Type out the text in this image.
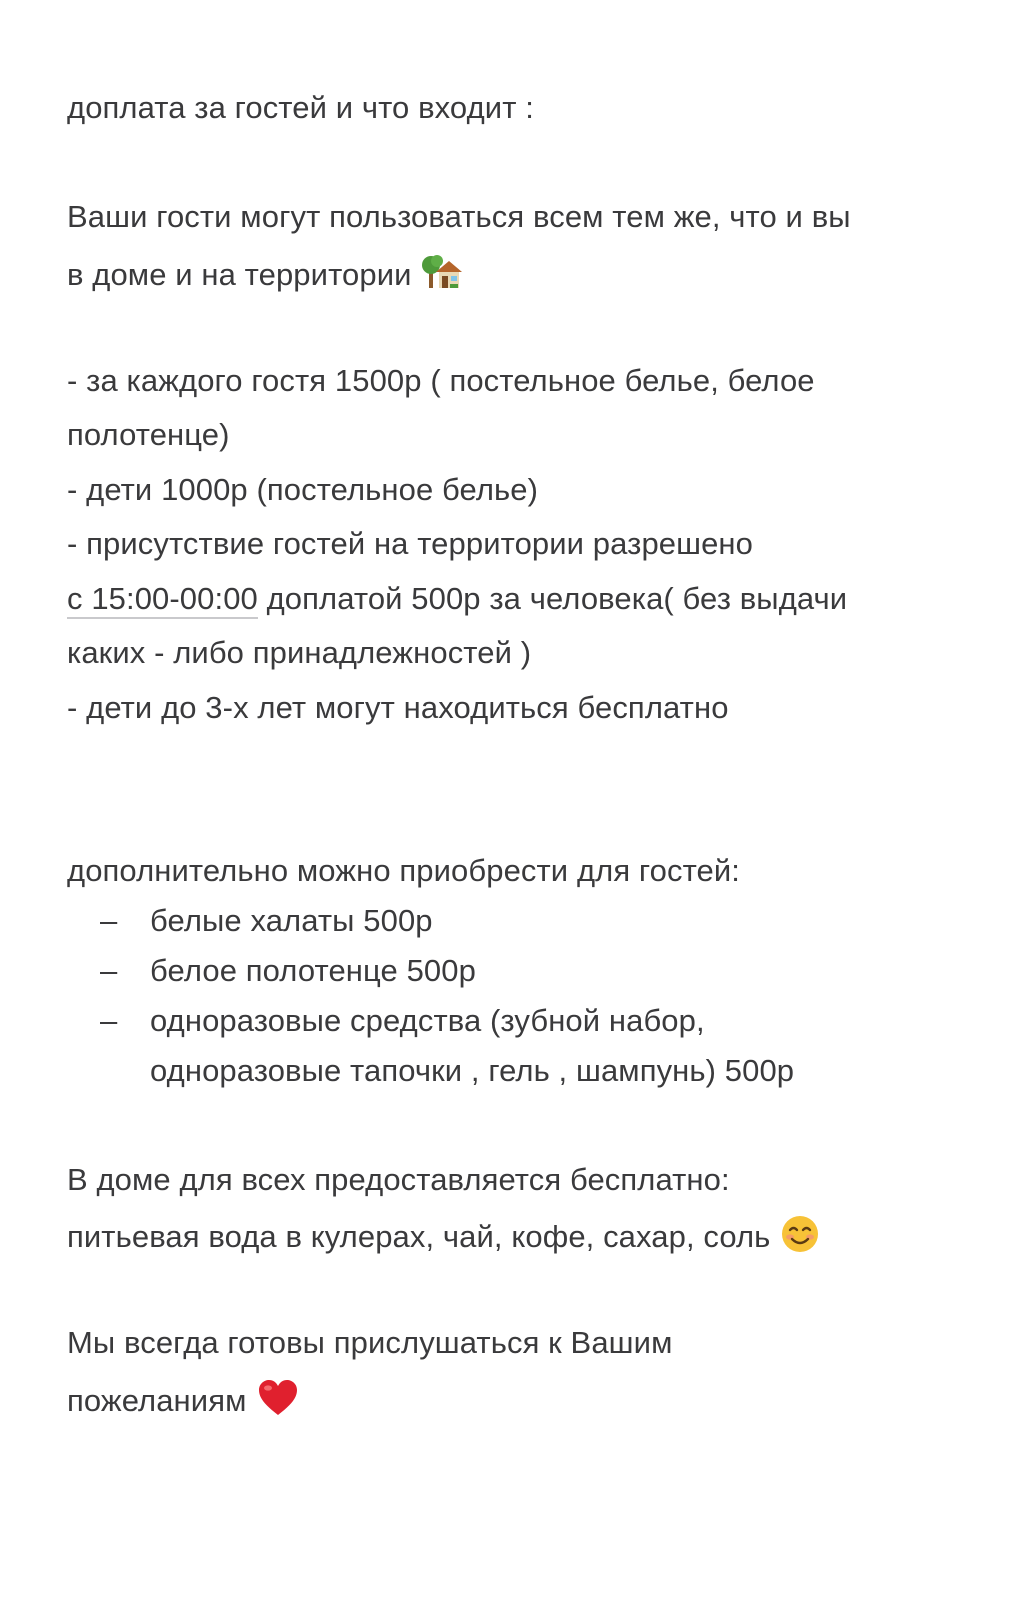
доплата за гостей и что входит :
Ваши гости могут пользоваться всем тем же, что и вы
в доме и на территории
- за каждого гостя 1500р ( постельное белье, белое
полотенце)
- дети 1000р (постельное белье)
- присутствие гостей на территории разрешено
с 15:00-00:00 доплатой 500р за человека( без выдачи
каких - либо принадлежностей )
- дети до 3-х лет могут находиться бесплатно
дополнительно можно приобрести для гостей:
– белые халаты 500р
– белое полотенце 500р
– одноразовые средства (зубной набор,
одноразовые тапочки , гель , шампунь) 500р
В доме для всех предоставляется бесплатно:
питьевая вода в кулерах, чай, кофе, сахар, соль
Мы всегда готовы прислушаться к Вашим
пожеланиям
